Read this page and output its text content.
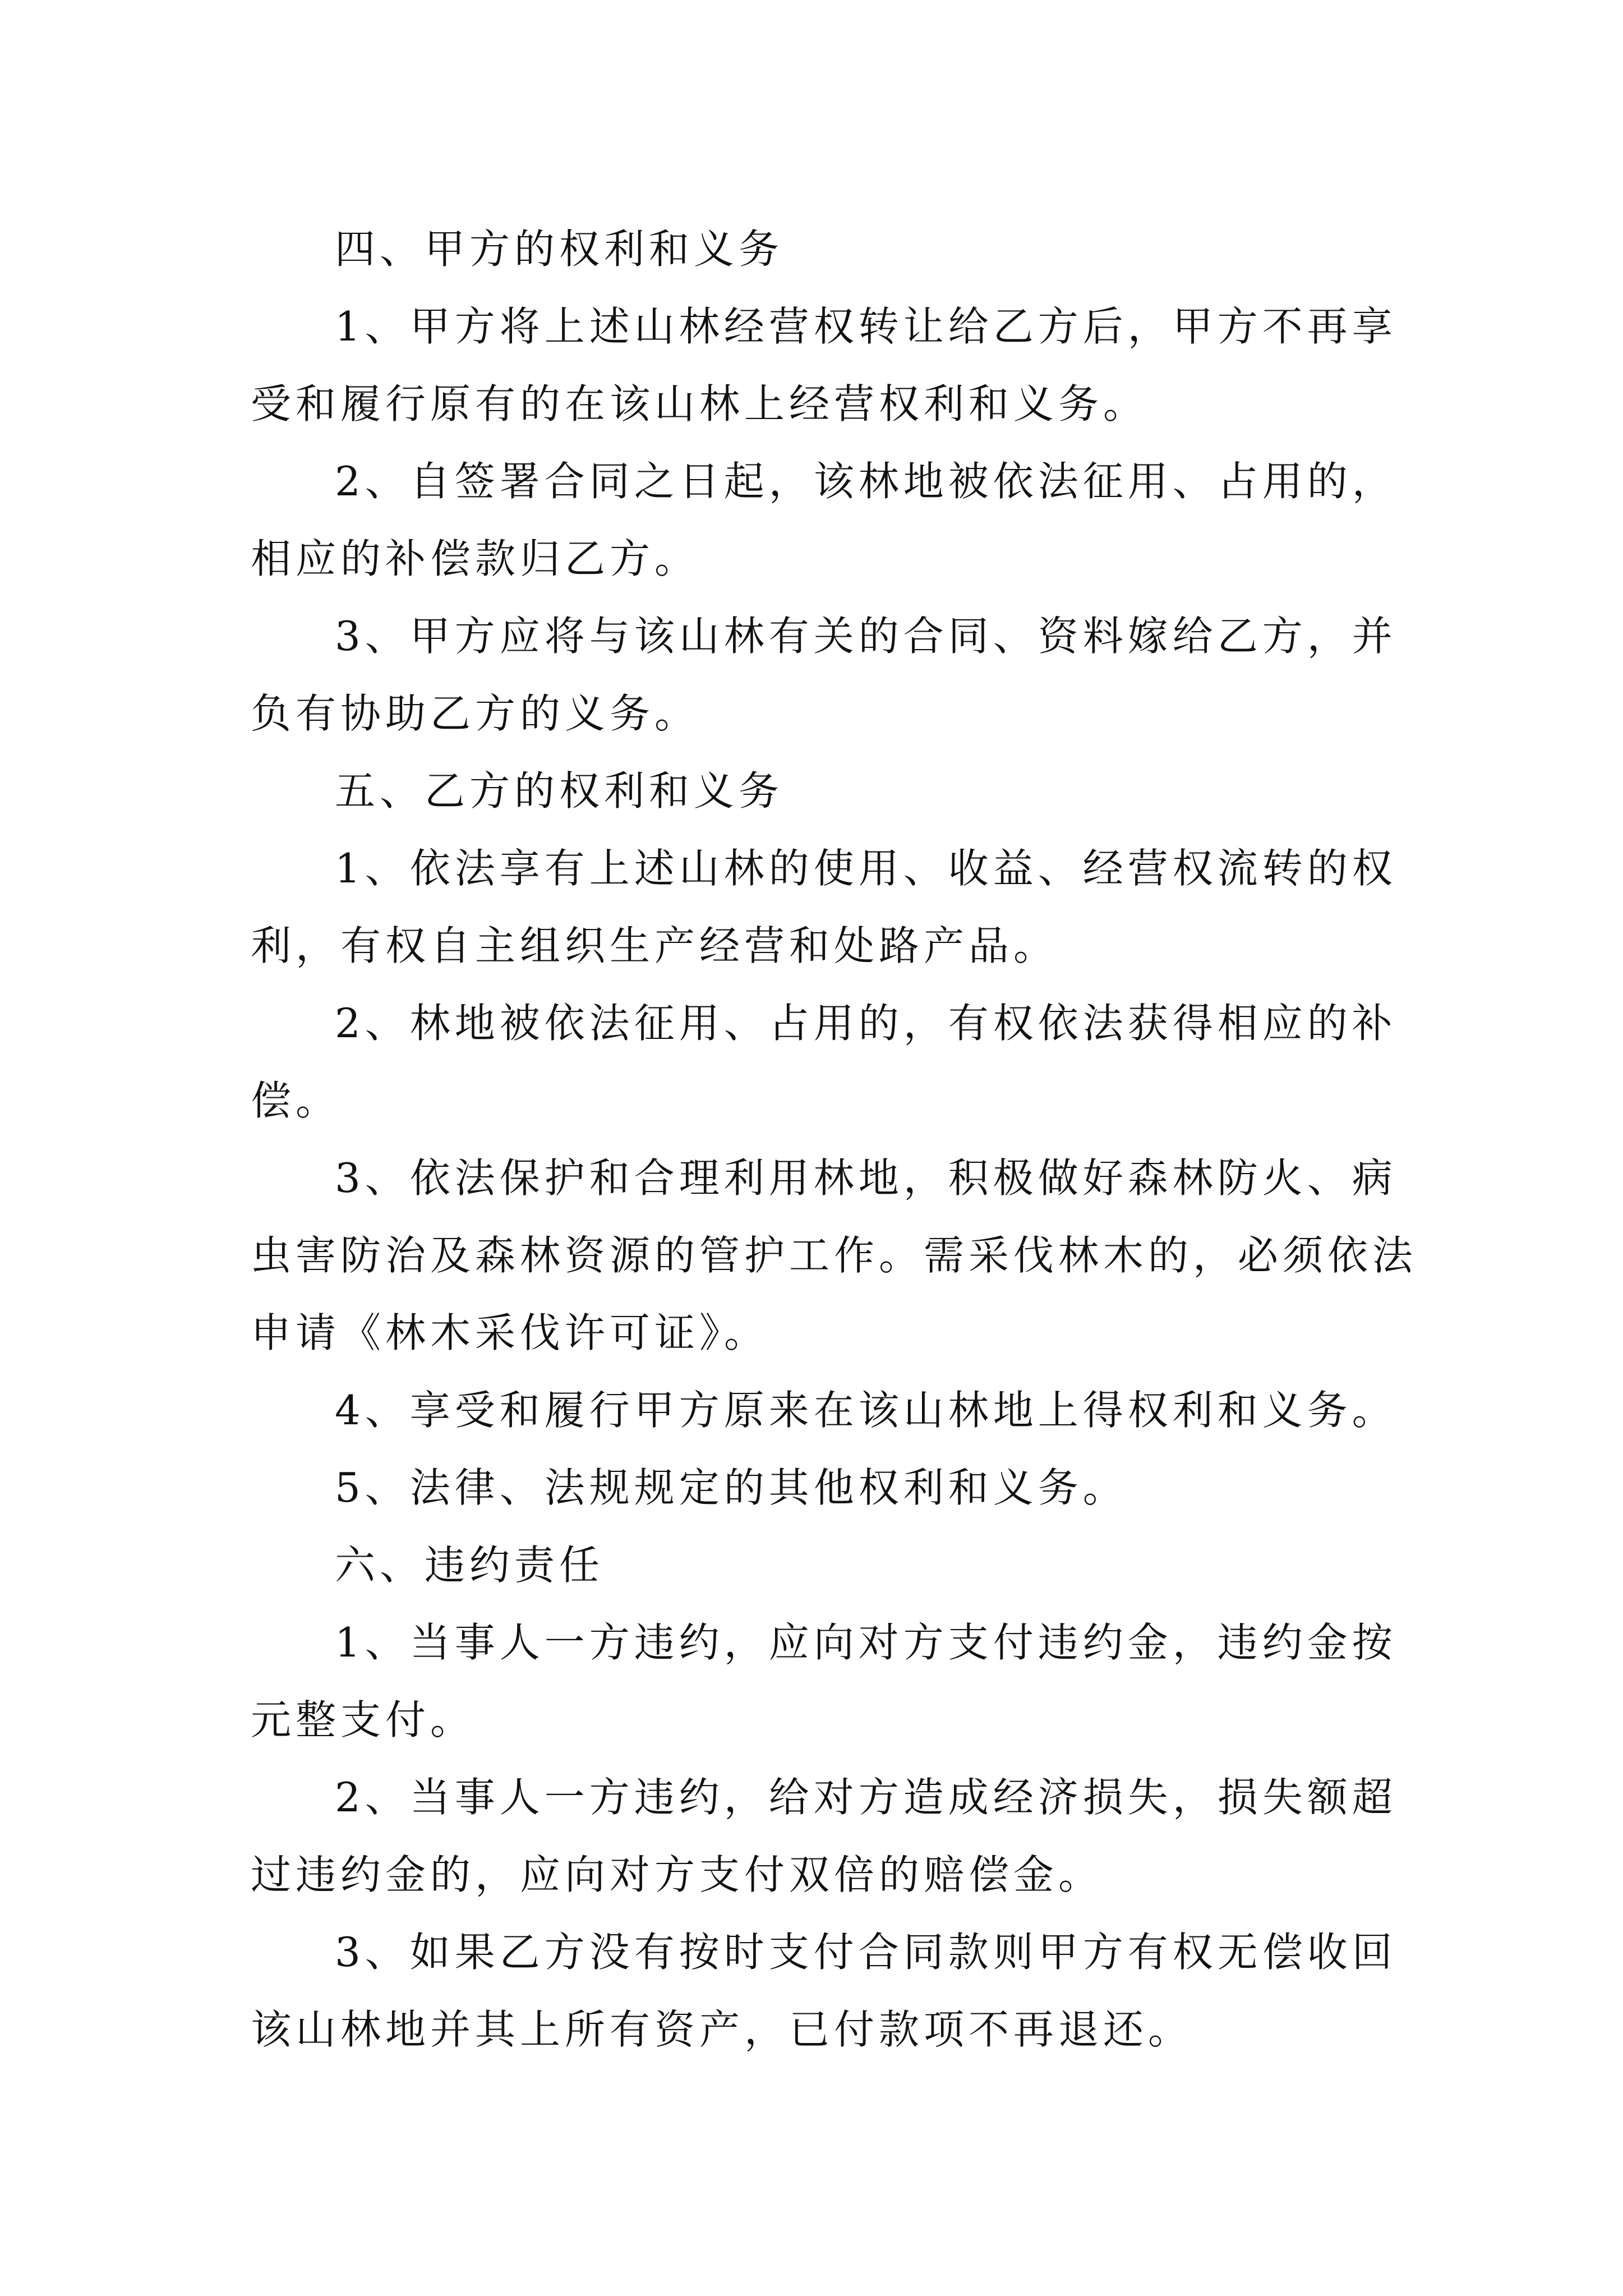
四、甲方的权利和义务
1、甲方将上述山林经营权转让给乙方后，甲方不再享
受和履行原有的在该山林上经营权利和义务。
2、自签署合同之日起，该林地被依法征用、占用的，
相应的补偿款归乙方。
3、甲方应将与该山林有关的合同、资料嫁给乙方，并
负有协助乙方的义务。
五、乙方的权利和义务
1、依法享有上述山林的使用、收益、经营权流转的权
利，有权自主组织生产经营和处路产品。
2、林地被依法征用、占用的，有权依法获得相应的补
偿。
3、依法保护和合理利用林地，积极做好森林防火、病
虫害防治及森林资源的管护工作。需采伐林木的，必须依法
申请《林木采伐许可证》。
4、享受和履行甲方原来在该山林地上得权利和义务。
5、法律、法规规定的其他权利和义务。
六、违约责任
1、当事人一方违约，应向对方支付违约金，违约金按
元整支付。
2、当事人一方违约，给对方造成经济损失，损失额超
过违约金的，应向对方支付双倍的赔偿金。
3、如果乙方没有按时支付合同款则甲方有权无偿收回
该山林地并其上所有资产，已付款项不再退还。
